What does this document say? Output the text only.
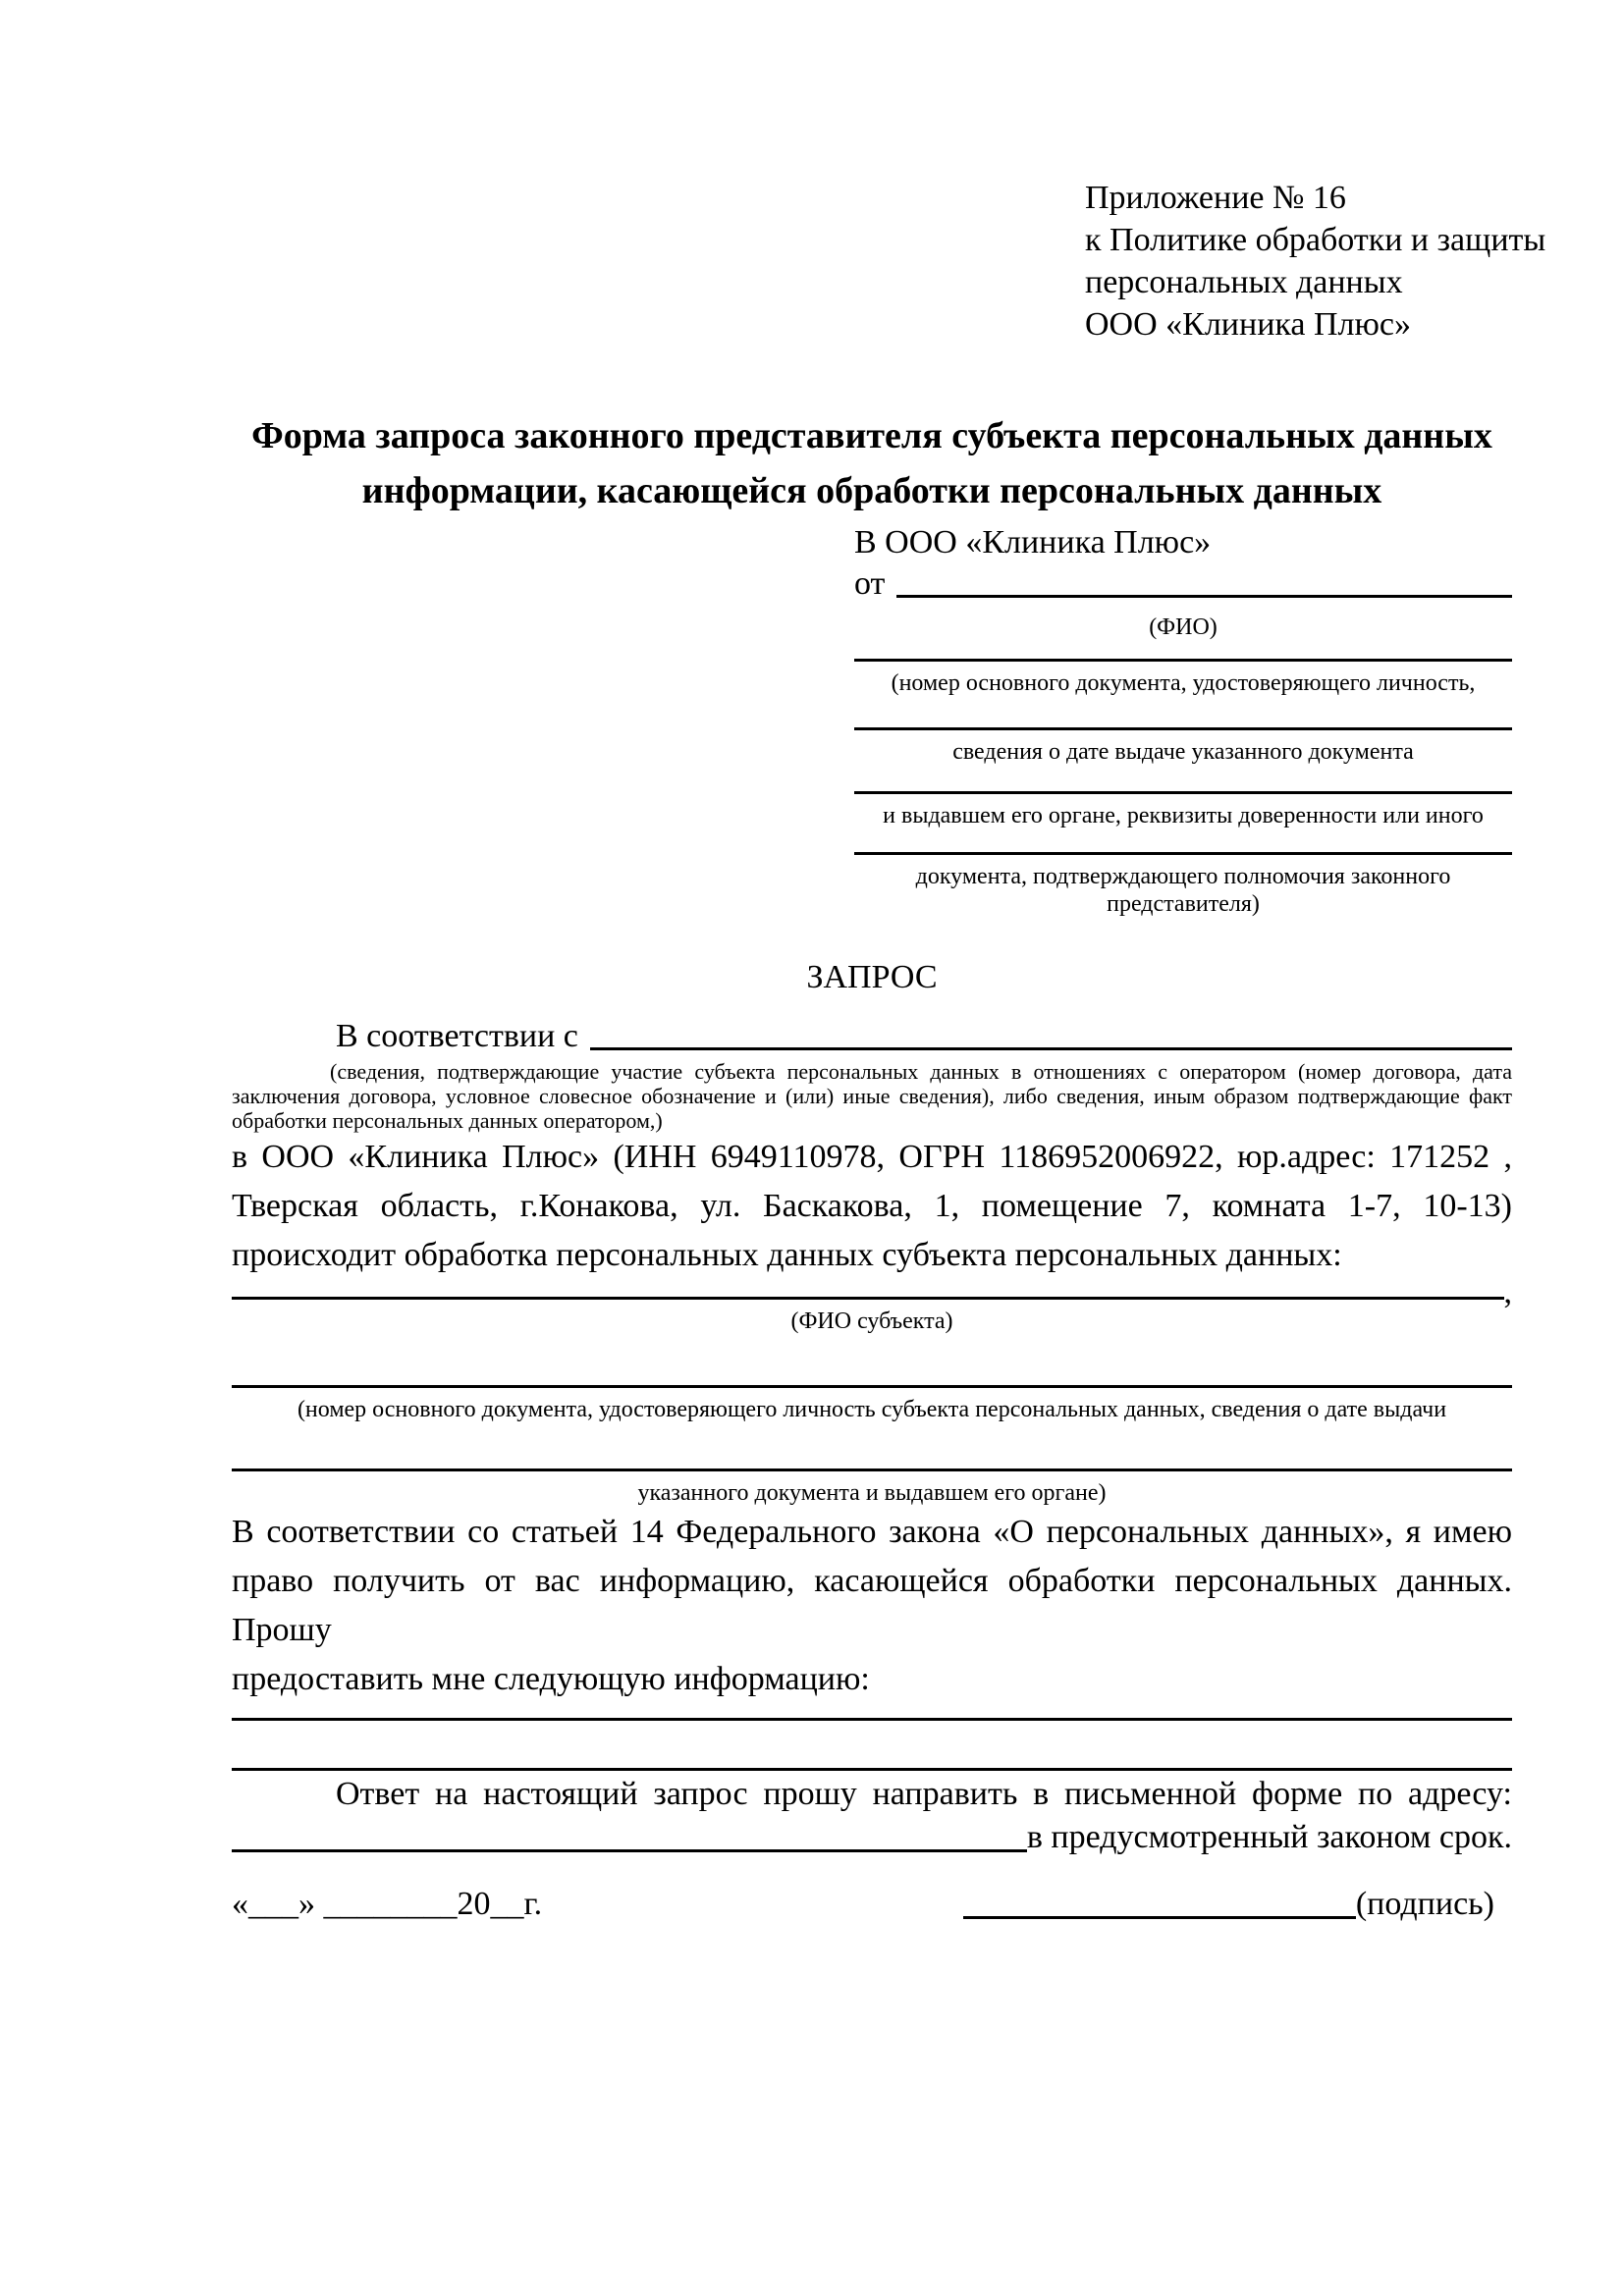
Приложение № 16
к Политике обработки и защиты
персональных данных
ООО «Клиника Плюс»
Форма запроса законного представителя субъекта персональных данных
информации, касающейся обработки персональных данных
В ООО «Клиника Плюс»
от
(ФИО)
(номер основного документа, удостоверяющего личность,
сведения о дате выдаче указанного документа
и выдавшем его органе, реквизиты доверенности или иного
документа, подтверждающего полномочия законного представителя)
ЗАПРОС
В соответствии с
(сведения, подтверждающие участие субъекта персональных данных в отношениях с оператором (номер договора, дата
заключения договора, условное словесное обозначение и (или) иные сведения), либо сведения, иным образом подтверждающие факт
обработки персональных данных оператором,)
в ООО «Клиника Плюс» (ИНН 6949110978, ОГРН 1186952006922, юр.адрес: 171252 ,
Тверская область, г.Конакова, ул. Баскакова, 1, помещение 7, комната 1-7, 10-13)
происходит обработка персональных данных субъекта персональных данных:
,
(ФИО субъекта)
(номер основного документа, удостоверяющего личность субъекта персональных данных, сведения о дате выдачи
указанного документа и выдавшем его органе)
В соответствии со статьей 14 Федерального закона «О персональных данных», я имею
право получить от вас информацию, касающейся обработки персональных данных. Прошу
предоставить мне следующую информацию:
Ответ на настоящий запрос прошу направить в письменной форме по адресу:
в предусмотренный законом срок.
«___» ________20__г.	(подпись)
